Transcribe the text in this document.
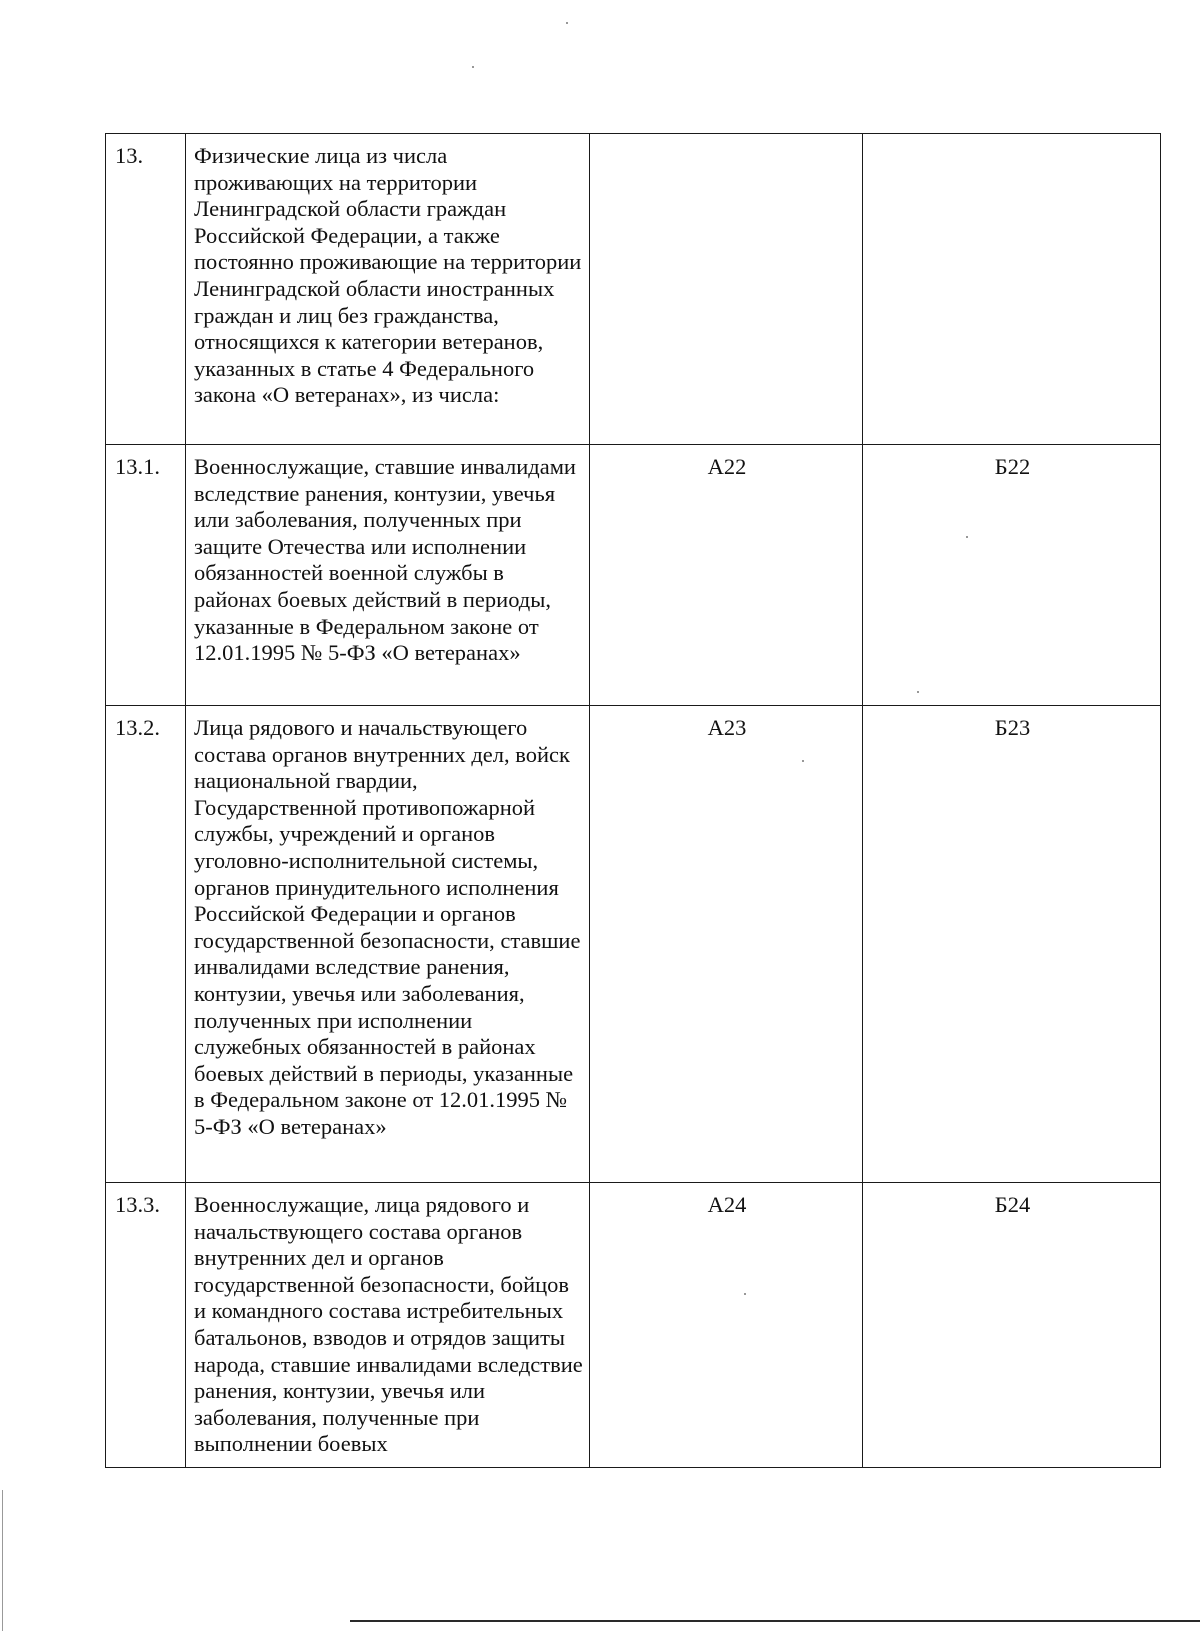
13.	Физические лица из числа проживающих на территории Ленинградской области граждан Российской Федерации, а также постоянно проживающие на территории Ленинградской области иностранных граждан и лиц без гражданства, относящихся к категории ветеранов, указанных в статье 4 Федерального закона «О ветеранах», из числа:		
13.1.	Военнослужащие, ставшие инвалидами вследствие ранения, контузии, увечья или заболевания, полученных при защите Отечества или исполнении обязанностей военной службы в районах боевых действий в периоды, указанные в Федеральном законе от 12.01.1995 № 5-ФЗ «О ветеранах»	А22	Б22
13.2.	Лица рядового и начальствующего состава органов внутренних дел, войск национальной гвардии, Государственной противопожарной службы, учреждений и органов уголовно-исполнительной системы, органов принудительного исполнения Российской Федерации и органов государственной безопасности, ставшие инвалидами вследствие ранения, контузии, увечья или заболевания, полученных при исполнении служебных обязанностей в районах боевых действий в периоды, указанные в Федеральном законе от 12.01.1995 № 5-ФЗ «О ветеранах»	А23	Б23
13.3.	Военнослужащие, лица рядового и начальствующего состава органов внутренних дел и органов государственной безопасности, бойцов и командного состава истребительных батальонов, взводов и отрядов защиты народа, ставшие инвалидами вследствие ранения, контузии, увечья или заболевания, полученные при выполнении боевых	А24	Б24
